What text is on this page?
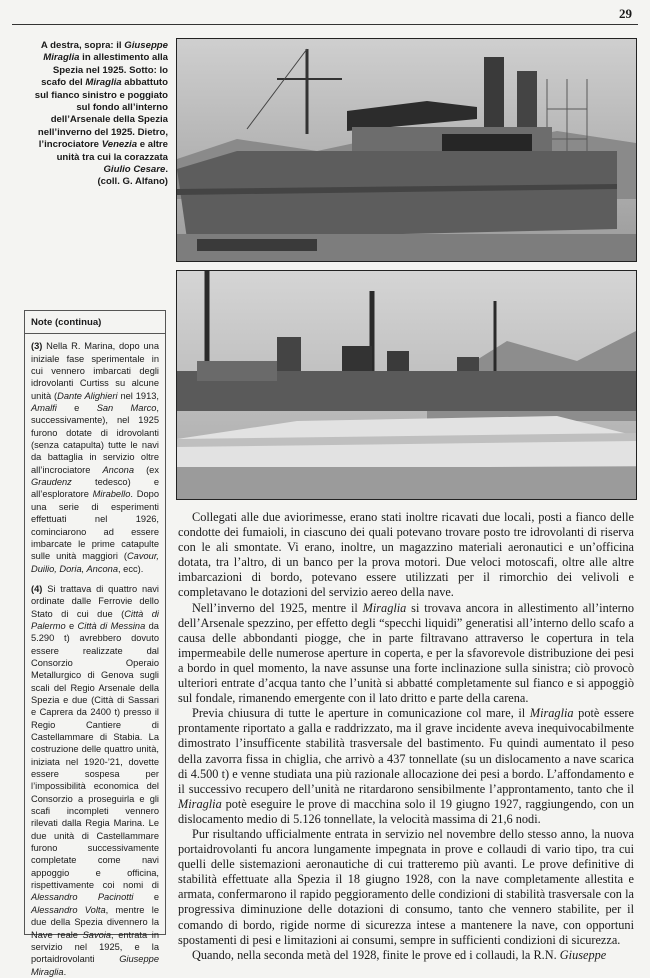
29
A destra, sopra: il Giuseppe Miraglia in allestimento alla Spezia nel 1925. Sotto: lo scafo del Miraglia abbattuto sul fianco sinistro e poggiato sul fondo all’interno dell’Arsenale della Spezia nell’inverno del 1925. Dietro, l’incrociatore Venezia e altre unità tra cui la corazzata Giulio Cesare.
(coll. G. Alfano)
Note (continua)

(3) Nella R. Marina, dopo una iniziale fase sperimentale in cui vennero imbarcati degli idrovolanti Curtiss su alcune unità (Dante Alighieri nel 1913, Amalfi e San Marco, successivamente), nel 1925 furono dotate di idrovolanti (senza catapulta) tutte le navi da battaglia in servizio oltre all’incrociatore Ancona (ex Graudenz tedesco) e all’esploratore Mirabello. Dopo una serie di esperimenti effettuati nel 1926, cominciarono ad essere imbarcate le prime catapulte sulle unità maggiori (Cavour, Duilio, Doria, Ancona, ecc).

(4) Si trattava di quattro navi ordinate dalle Ferrovie dello Stato di cui due (Città di Palermo e Città di Messina da 5.290 t) avrebbero dovuto essere realizzate dal Consorzio Operaio Metallurgico di Genova sugli scali del Regio Arsenale della Spezia e due (Città di Sassari e Caprera da 2400 t) presso il Regio Cantiere di Castellammare di Stabia. La costruzione delle quattro unità, iniziata nel 1920-’21, dovette essere sospesa per l’impossibilità economica del Consorzio a proseguirla e gli scafi incompleti vennero rilevati dalla Regia Marina. Le due unità di Castellammare furono successivamente completate come navi appoggio e officina, rispettivamente coi nomi di Alessandro Pacinotti e Alessandro Volta, mentre le due della Spezia divennero la Nave reale Savoia, entrata in servizio nel 1925, e la portaidrovolanti Giuseppe Miraglia.

Collegati alle due aviorimesse, erano stati inoltre ricavati due locali, posti a fianco delle condotte dei fumaioli, in ciascuno dei quali potevano trovare posto tre idrovolanti di riserva con le ali smontate. Vi erano, inoltre, un magazzino materiali aeronautici e un’officina dotata, tra l’altro, di un banco per la prova motori. Due veloci motoscafi, oltre alle altre imbarcazioni di bordo, potevano essere utilizzati per il rimorchio dei velivoli e completavano le dotazioni del servizio aereo della nave.

Nell’inverno del 1925, mentre il Miraglia si trovava ancora in allestimento all’interno dell’Arsenale spezzino, per effetto degli “specchi liquidi” generatisi all’interno dello scafo a causa delle abbondanti piogge, che in parte filtravano attraverso le copertura in tela impermeabile delle numerose aperture in coperta, e per la sfavorevole distribuzione dei pesi a bordo in quel momento, la nave assunse una forte inclinazione sulla sinistra; ciò provocò ulteriori entrate d’acqua tanto che l’unità si abbatté completamente sul fianco e si appoggiò sul fondale, rimanendo emergente con il lato dritto e parte della carena.

Previa chiusura di tutte le aperture in comunicazione col mare, il Miraglia potè essere prontamente riportato a galla e raddrizzato, ma il grave incidente aveva inequivocabilmente dimostrato l’insufficente stabilità trasversale del bastimento. Fu quindi aumentato il peso della zavorra fissa in chiglia, che arrivò a 437 tonnellate (su un dislocamento a nave scarica di 4.500 t) e venne studiata una più razionale allocazione dei pesi a bordo. L’affondamento e il successivo recupero dell’unità ne ritardarono sensibilmente l’approntamento, tanto che il Miraglia potè eseguire le prove di macchina solo il 19 giugno 1927, raggiungendo, con un dislocamento medio di 5.126 tonnellate, la velocità massima di 21,6 nodi.

Pur risultando ufficialmente entrata in servizio nel novembre dello stesso anno, la nuova portaidrovolanti fu ancora lungamente impegnata in prove e collaudi di vario tipo, tra cui quelli delle sistemazioni aeronautiche di cui tratteremo più avanti. Le prove definitive di stabilità effettuate alla Spezia il 18 giugno 1928, con la nave completamente allestita e armata, confermarono il rapido peggioramento delle condizioni di stabilità trasversale con la progressiva diminuzione delle dotazioni di consumo, tanto che vennero stabilite, per il comando di bordo, rigide norme di sicurezza intese a mantenere la nave, con opportuni spostamenti di pesi e limitazioni ai consumi, sempre in sufficienti condizioni di sicurezza.

Quando, nella seconda metà del 1928, finite le prove ed i collaudi, la R.N. Giuseppe
